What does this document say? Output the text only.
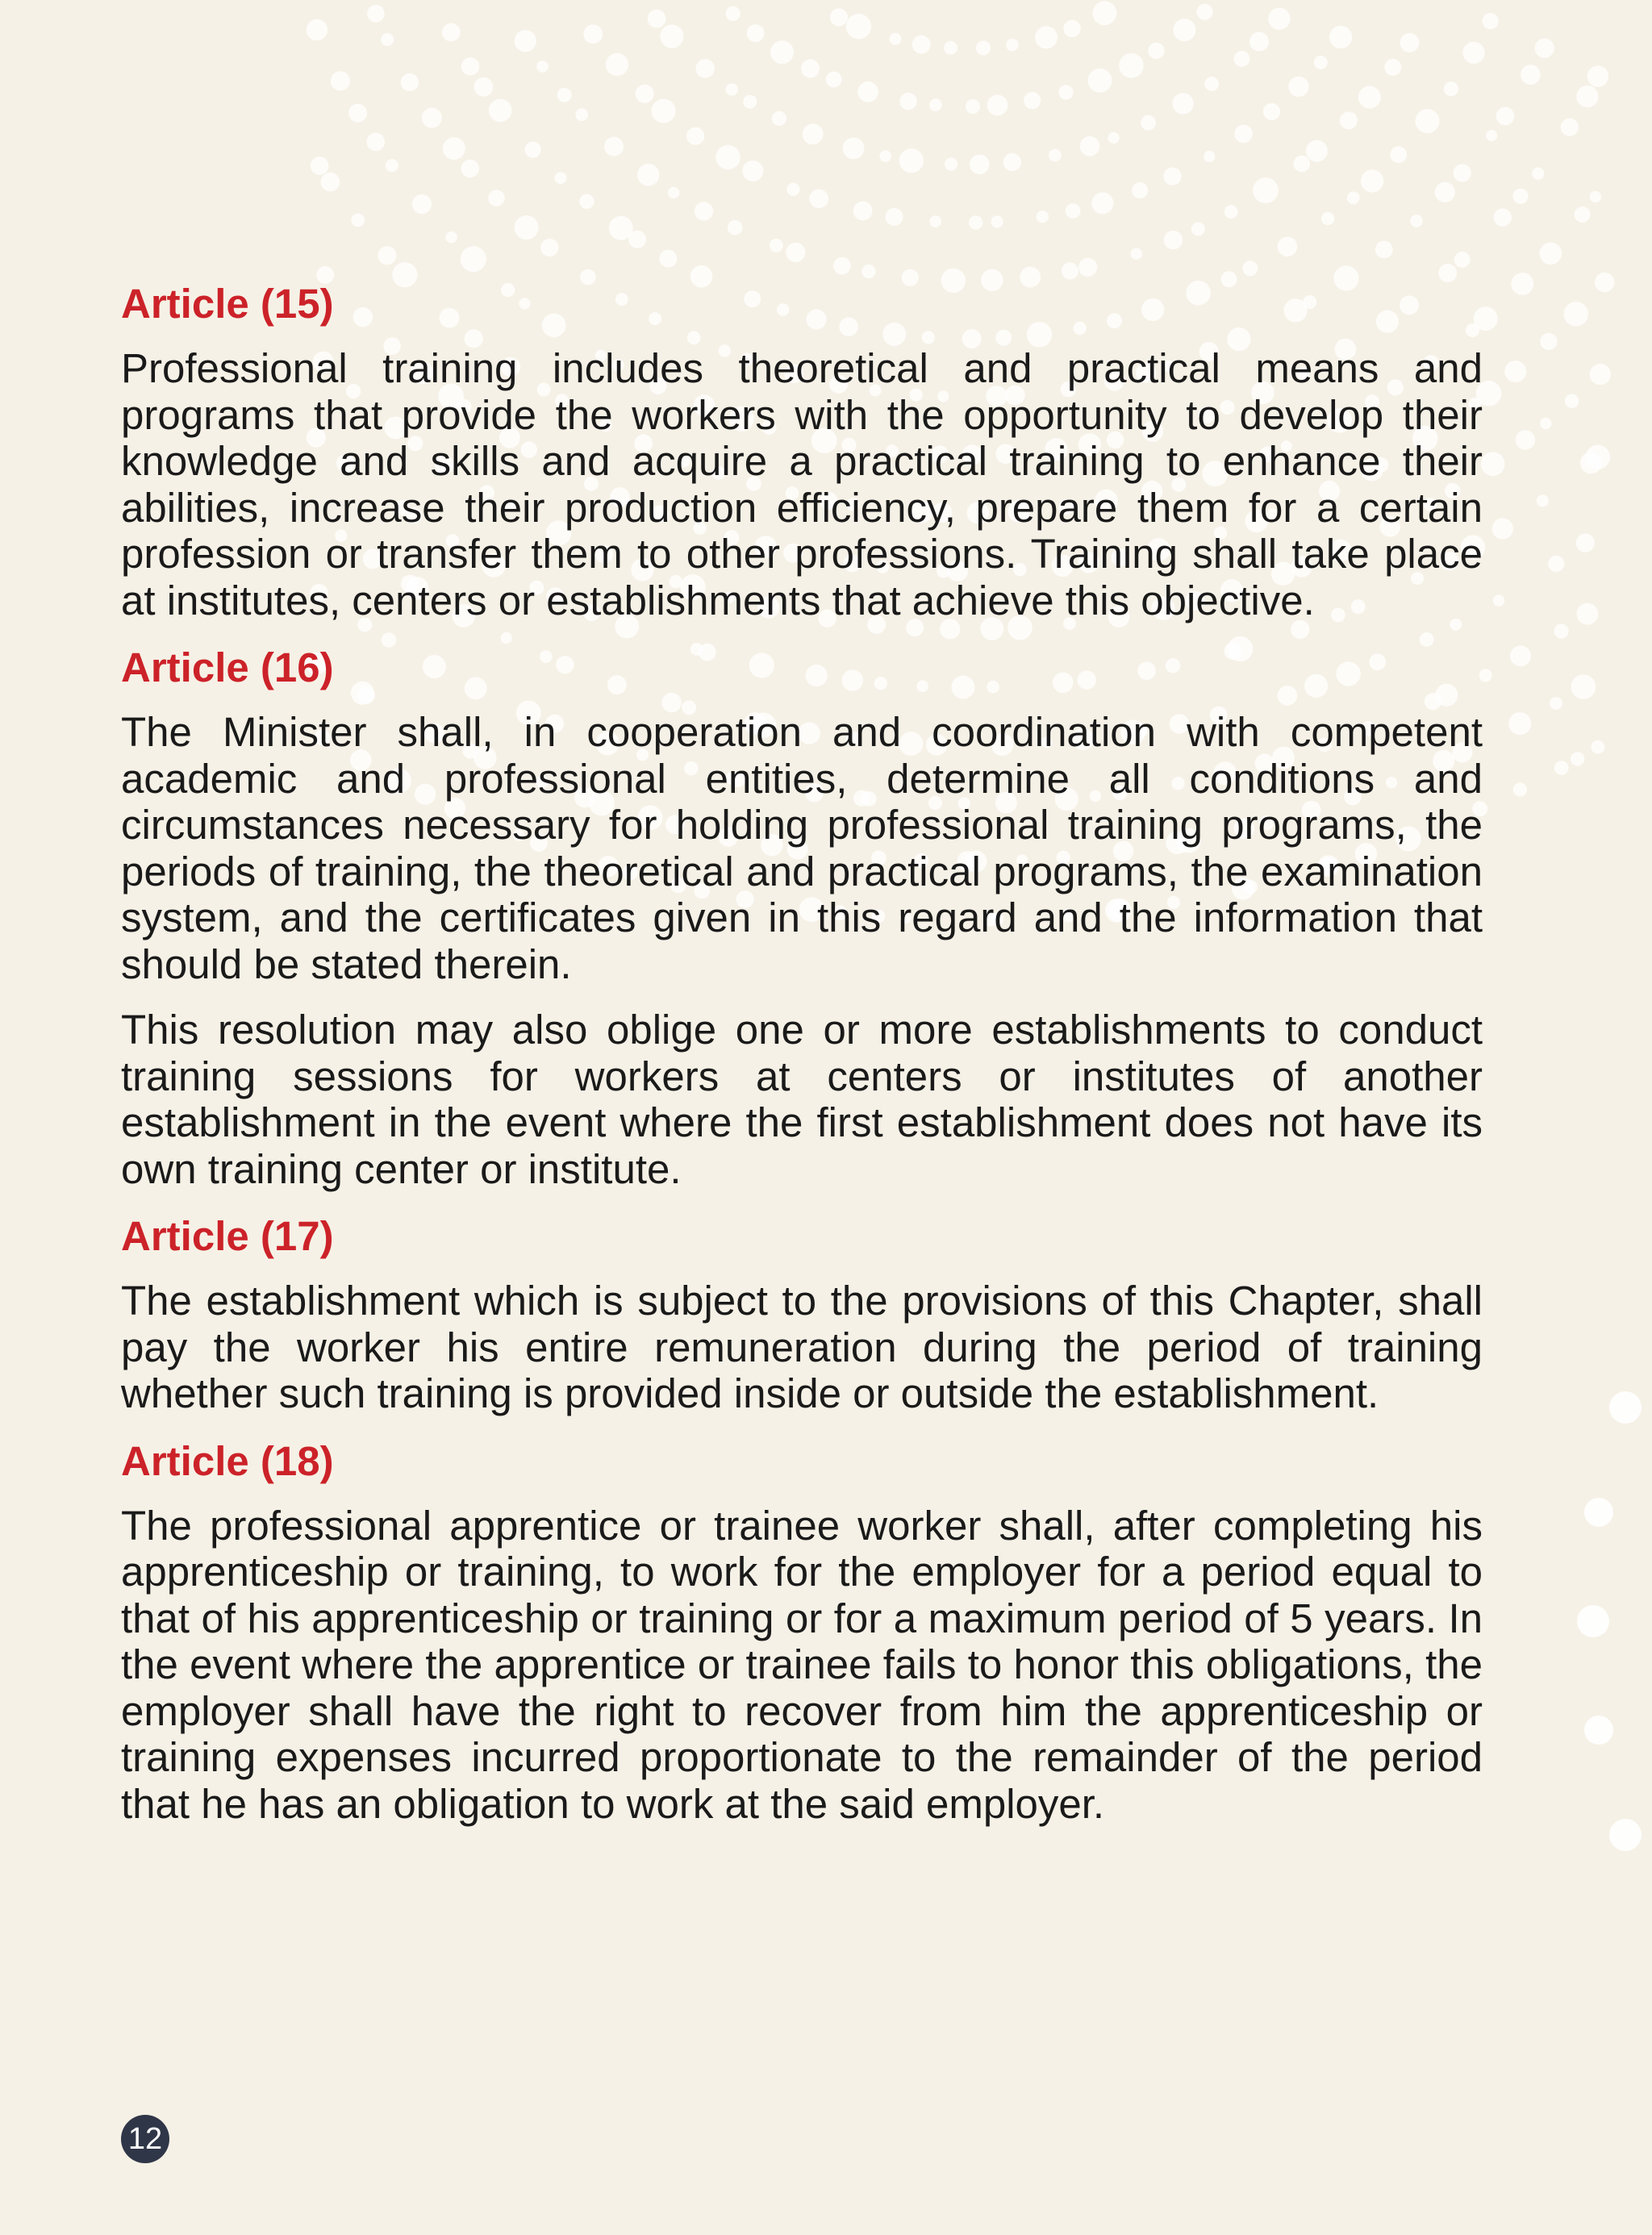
Article (15)

Professional training includes theoretical and practical means and programs that provide the workers with the opportunity to develop their knowledge and skills and acquire a practical training to enhance their abilities, increase their production efficiency, prepare them for a certain profession or transfer them to other professions. Training shall take place at institutes, centers or establishments that achieve this objective.

Article (16)

The Minister shall, in cooperation and coordination with competent academic and professional entities, determine all conditions and circumstances necessary for holding professional training programs, the periods of training, the theoretical and practical programs, the examination system, and the certificates given in this regard and the information that should be stated therein.

This resolution may also oblige one or more establishments to conduct training sessions for workers at centers or institutes of another establishment in the event where the first establishment does not have its own training center or institute.

Article (17)

The establishment which is subject to the provisions of this Chapter, shall pay the worker his entire remuneration during the period of training whether such training is provided inside or outside the establishment.

Article (18)

The professional apprentice or trainee worker shall, after completing his apprenticeship or training, to work for the employer for a period equal to that of his apprenticeship or training or for a maximum period of 5 years. In the event where the apprentice or trainee fails to honor this obligations, the employer shall have the right to recover from him the apprenticeship or training expenses incurred proportionate to the remainder of the period that he has an obligation to work at the said employer.

12
